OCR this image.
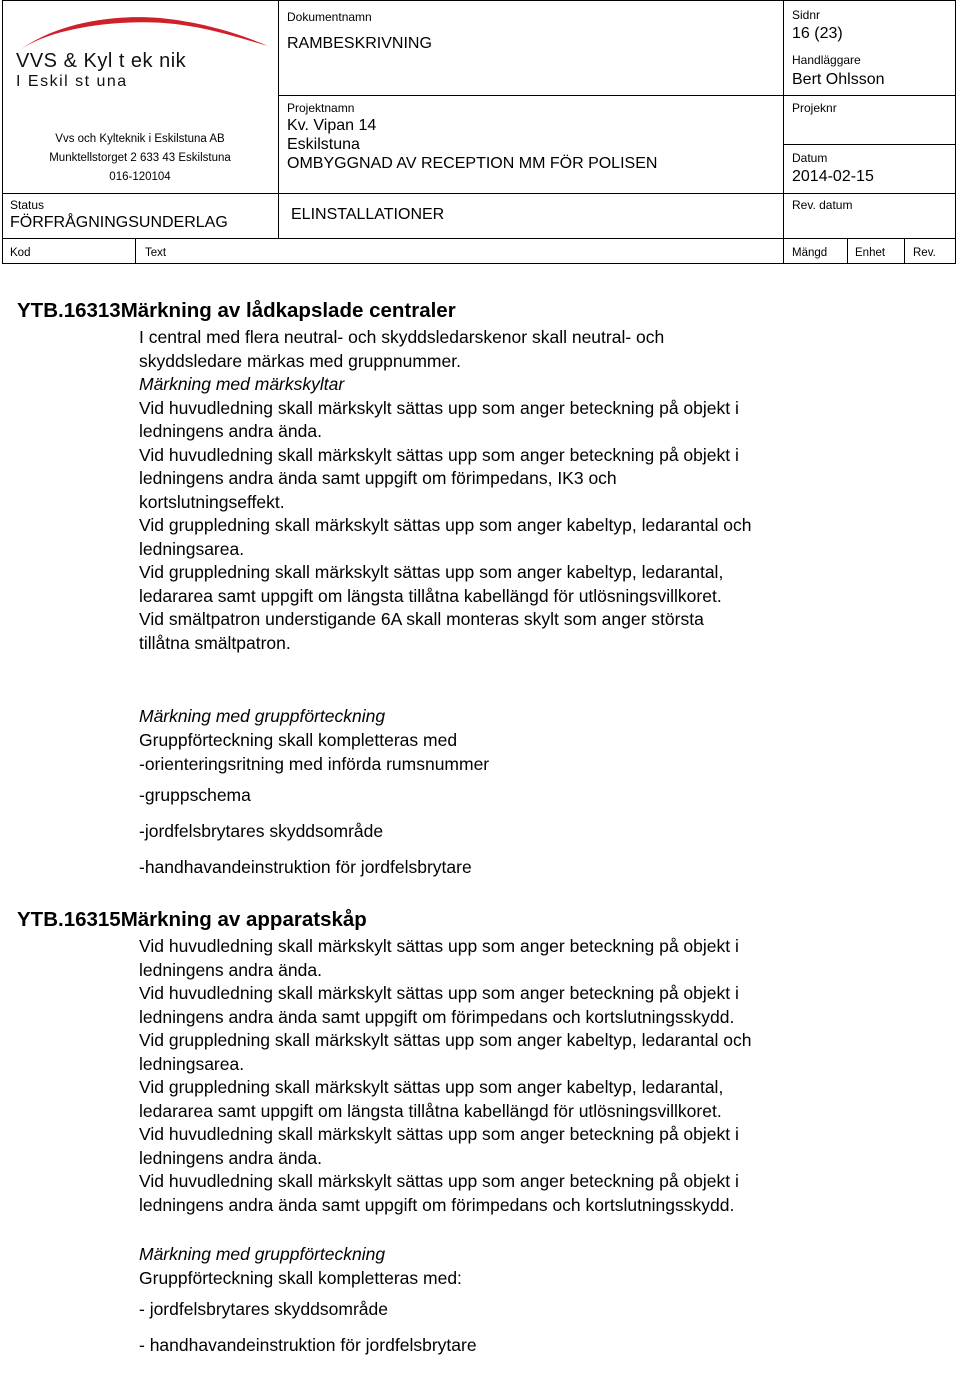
VVS & Kyl t ek nik
I Eskil st una
Vvs och Kylteknik i Eskilstuna AB
Munktellstorget 2 633 43 Eskilstuna
016-120104
Status
FÖRFRÅGNINGSUNDERLAG
Dokumentnamn
RAMBESKRIVNING
Projektnamn
Kv. Vipan 14
Eskilstuna
OMBYGGNAD AV RECEPTION MM FÖR POLISEN
ELINSTALLATIONER
Sidnr
16 (23)
Handläggare
Bert Ohlsson
Projeknr
Datum
2014-02-15
Rev. datum
Kod	Text	Mängd Enhet Rev.
YTB.16313Märkning av lådkapslade centraler

I central med flera neutral- och skyddsledarskenor skall neutral- och

skyddsledare märkas med gruppnummer.

Märkning med märkskyltar

Vid huvudledning skall märkskylt sättas upp som anger beteckning på objekt i

ledningens andra ända.

Vid huvudledning skall märkskylt sättas upp som anger beteckning på objekt i

ledningens andra ända samt uppgift om förimpedans, IK3 och

kortslutningseffekt.

Vid gruppledning skall märkskylt sättas upp som anger kabeltyp, ledarantal och

ledningsarea.

Vid gruppledning skall märkskylt sättas upp som anger kabeltyp, ledarantal,

ledararea samt uppgift om längsta tillåtna kabellängd för utlösningsvillkoret.

Vid smältpatron understigande 6A skall monteras skylt som anger största

tillåtna smältpatron.

Märkning med gruppförteckning
Gruppförteckning skall kompletteras med
-orienteringsritning med införda rumsnummer
-gruppschema
-jordfelsbrytares skyddsområde
-handhavandeinstruktion för jordfelsbrytare
YTB.16315Märkning av apparatskåp

Vid huvudledning skall märkskylt sättas upp som anger beteckning på objekt i

ledningens andra ända.

Vid huvudledning skall märkskylt sättas upp som anger beteckning på objekt i

ledningens andra ända samt uppgift om förimpedans och kortslutningsskydd.

Vid gruppledning skall märkskylt sättas upp som anger kabeltyp, ledarantal och

ledningsarea.

Vid gruppledning skall märkskylt sättas upp som anger kabeltyp, ledarantal,

ledararea samt uppgift om längsta tillåtna kabellängd för utlösningsvillkoret.

Vid huvudledning skall märkskylt sättas upp som anger beteckning på objekt i

ledningens andra ända.

Vid huvudledning skall märkskylt sättas upp som anger beteckning på objekt i

ledningens andra ända samt uppgift om förimpedans och kortslutningsskydd.

Märkning med gruppförteckning
Gruppförteckning skall kompletteras med:
- jordfelsbrytares skyddsområde
- handhavandeinstruktion för jordfelsbrytare
